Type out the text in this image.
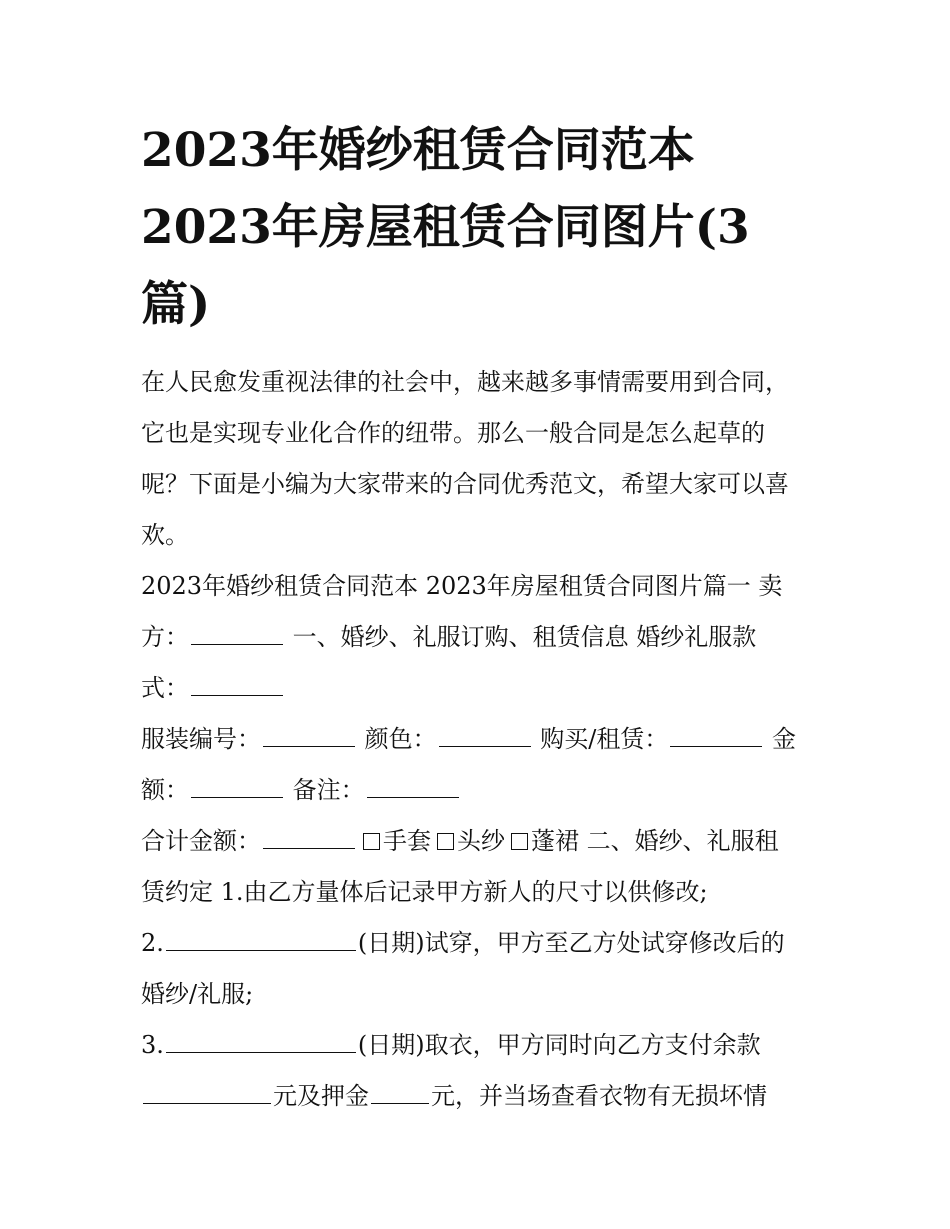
2023年婚纱租赁合同范本
2023年房屋租赁合同图片(3
篇)

在人民愈发重视法律的社会中，越来越多事情需要用到合同，

它也是实现专业化合作的纽带。那么一般合同是怎么起草的

呢？下面是小编为大家带来的合同优秀范文，希望大家可以喜

欢。

2023年婚纱租赁合同范本 2023年房屋租赁合同图片篇一 卖

方：	一、婚纱、礼服订购、租赁信息 婚纱礼服款

式：

服装编号：	颜色：	购买/租赁：	金

额：	备注：

合计金额：	手套 头纱 蓬裙 二、婚纱、礼服租

赁约定 1.由乙方量体后记录甲方新人的尺寸以供修改;

2.	(日期)试穿，甲方至乙方处试穿修改后的

婚纱/礼服;

3.	(日期)取衣，甲方同时向乙方支付余款

元及押金	元，并当场查看衣物有无损坏情
